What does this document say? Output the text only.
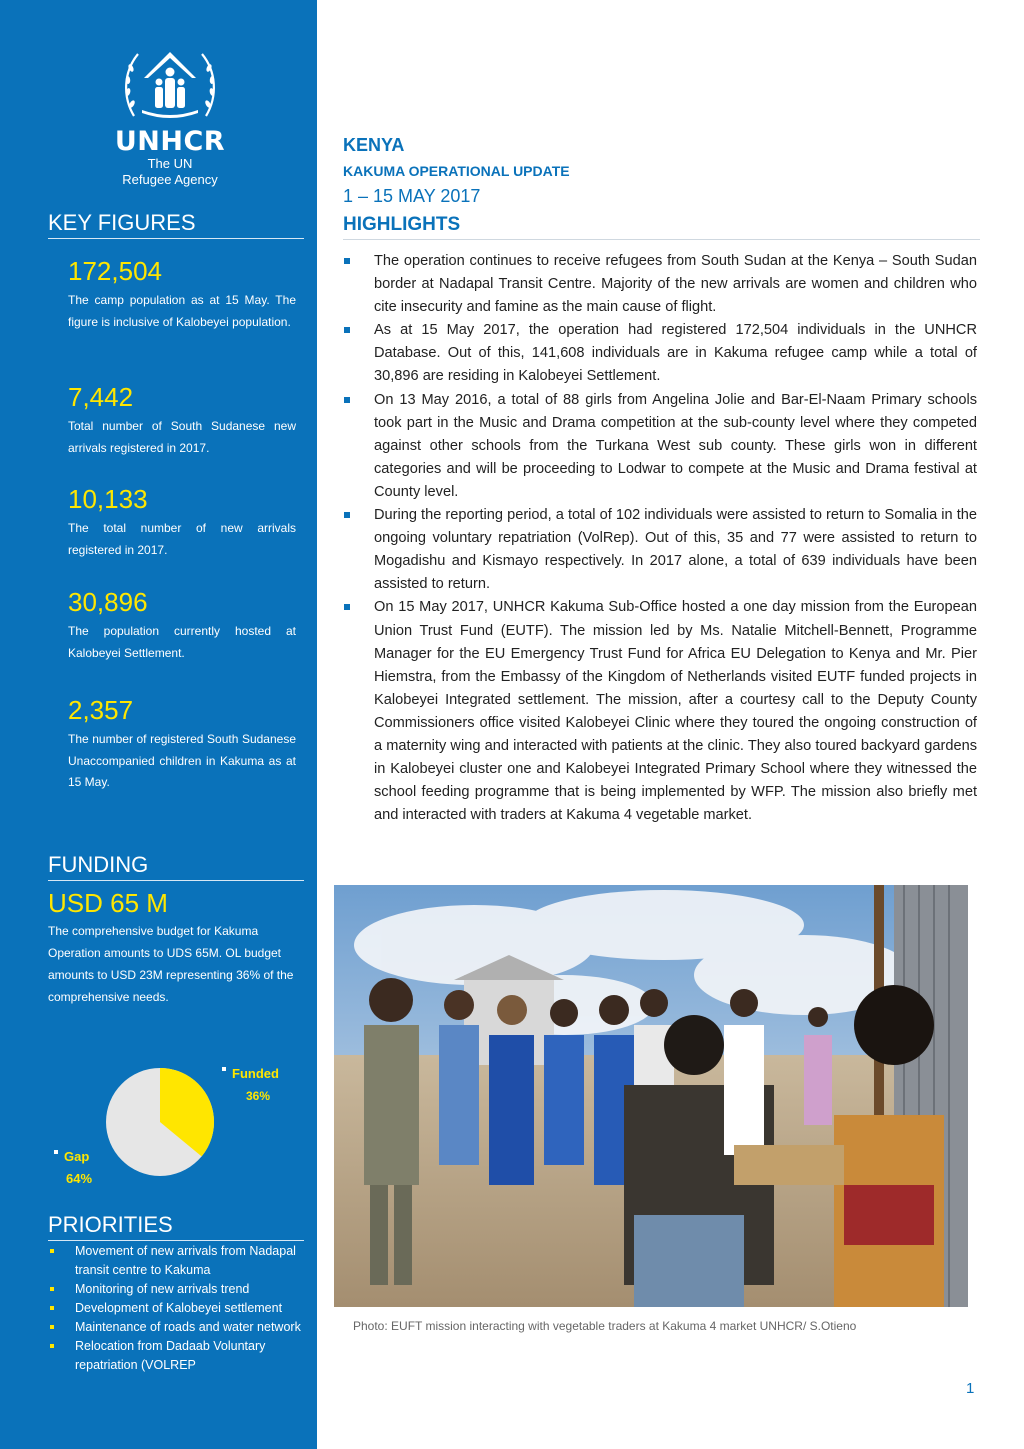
UNHCR
The UN
Refugee Agency
KEY FIGURES
172,504
The camp population as at 15 May. The figure is inclusive of Kalobeyei population.
7,442
Total number of South Sudanese new arrivals registered in 2017.
10,133
The total number of new arrivals registered in 2017.
30,896
The population currently hosted at Kalobeyei Settlement.
2,357
The number of registered South Sudanese Unaccompanied children in Kakuma as at 15 May.
FUNDING
USD 65 M
The comprehensive budget for Kakuma Operation amounts to UDS 65M. OL budget amounts to USD 23M representing 36% of the comprehensive needs.
Funded
36%
Gap
64%
PRIORITIES
Movement of new arrivals from Nadapal transit centre to Kakuma
Monitoring of new arrivals trend
Development of Kalobeyei settlement
Maintenance of roads and water network
Relocation from Dadaab Voluntary repatriation (VOLREP
KENYA
KAKUMA OPERATIONAL UPDATE
1 – 15 MAY 2017
HIGHLIGHTS
The operation continues to receive refugees from South Sudan at the Kenya – South Sudan border at Nadapal Transit Centre. Majority of the new arrivals are women and children who cite insecurity and famine as the main cause of flight.
As at 15 May 2017, the operation had registered 172,504 individuals in the UNHCR Database. Out of this, 141,608 individuals are in Kakuma refugee camp while a total of 30,896 are residing in Kalobeyei Settlement.
On 13 May 2016, a total of 88 girls from Angelina Jolie and Bar-El-Naam Primary schools took part in the Music and Drama competition at the sub-county level where they competed against other schools from the Turkana West sub county. These girls won in different categories and will be proceeding to Lodwar to compete at the Music and Drama festival at County level.
During the reporting period, a total of 102 individuals were assisted to return to Somalia in the ongoing voluntary repatriation (VolRep). Out of this, 35 and 77 were assisted to return to Mogadishu and Kismayo respectively. In 2017 alone, a total of 639 individuals have been assisted to return.
On 15 May 2017, UNHCR Kakuma Sub-Office hosted a one day mission from the European Union Trust Fund (EUTF). The mission led by Ms. Natalie Mitchell-Bennett, Programme Manager for the EU Emergency Trust Fund for Africa EU Delegation to Kenya and Mr. Pier Hiemstra, from the Embassy of the Kingdom of Netherlands visited EUTF funded projects in Kalobeyei Integrated settlement. The mission, after a courtesy call to the Deputy County Commissioners office visited Kalobeyei Clinic where they toured the ongoing construction of a maternity wing and interacted with patients at the clinic. They also toured backyard gardens in Kalobeyei cluster one and Kalobeyei Integrated Primary School where they witnessed the school feeding programme that is being implemented by WFP. The mission also briefly met and interacted with traders at Kakuma 4 vegetable market.
Photo: EUFT mission interacting with vegetable traders at Kakuma 4 market UNHCR/ S.Otieno
1
